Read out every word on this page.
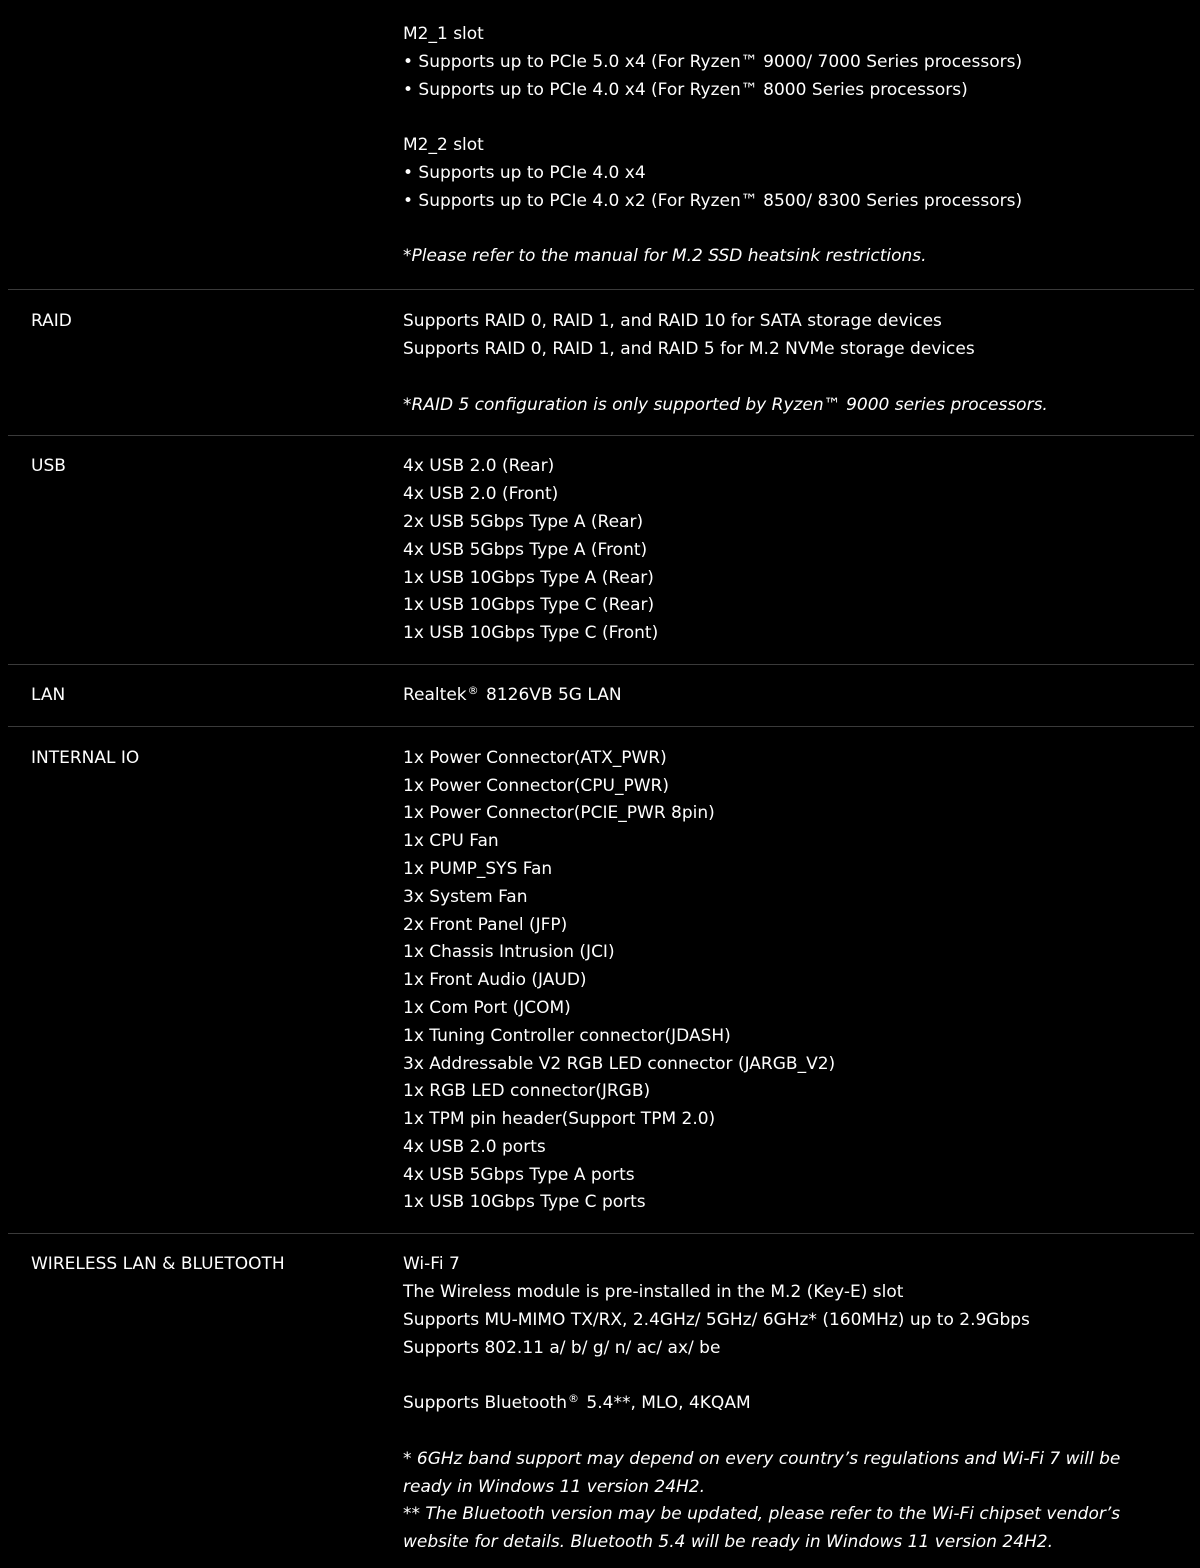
M2_1 slot
• Supports up to PCIe 5.0 x4 (For Ryzen™ 9000/ 7000 Series processors)
• Supports up to PCIe 4.0 x4 (For Ryzen™ 8000 Series processors)
M2_2 slot
• Supports up to PCIe 4.0 x4
• Supports up to PCIe 4.0 x2 (For Ryzen™ 8500/ 8300 Series processors)
*Please refer to the manual for M.2 SSD heatsink restrictions.
RAID	Supports RAID 0, RAID 1, and RAID 10 for SATA storage devices
Supports RAID 0, RAID 1, and RAID 5 for M.2 NVMe storage devices
*RAID 5 configuration is only supported by Ryzen™ 9000 series processors.
USB	4x USB 2.0 (Rear)
4x USB 2.0 (Front)
2x USB 5Gbps Type A (Rear)
4x USB 5Gbps Type A (Front)
1x USB 10Gbps Type A (Rear)
1x USB 10Gbps Type C (Rear)
1x USB 10Gbps Type C (Front)
LAN	Realtek® 8126VB 5G LAN
INTERNAL IO	1x Power Connector(ATX_PWR)
1x Power Connector(CPU_PWR)
1x Power Connector(PCIE_PWR 8pin)
1x CPU Fan
1x PUMP_SYS Fan
3x System Fan
2x Front Panel (JFP)
1x Chassis Intrusion (JCI)
1x Front Audio (JAUD)
1x Com Port (JCOM)
1x Tuning Controller connector(JDASH)
3x Addressable V2 RGB LED connector (JARGB_V2)
1x RGB LED connector(JRGB)
1x TPM pin header(Support TPM 2.0)
4x USB 2.0 ports
4x USB 5Gbps Type A ports
1x USB 10Gbps Type C ports
WIRELESS LAN & BLUETOOTH	Wi-Fi 7
The Wireless module is pre-installed in the M.2 (Key-E) slot
Supports MU-MIMO TX/RX, 2.4GHz/ 5GHz/ 6GHz* (160MHz) up to 2.9Gbps
Supports 802.11 a/ b/ g/ n/ ac/ ax/ be
Supports Bluetooth® 5.4**, MLO, 4KQAM
* 6GHz band support may depend on every country’s regulations and Wi-Fi 7 will be
ready in Windows 11 version 24H2.
** The Bluetooth version may be updated, please refer to the Wi-Fi chipset vendor’s
website for details. Bluetooth 5.4 will be ready in Windows 11 version 24H2.
